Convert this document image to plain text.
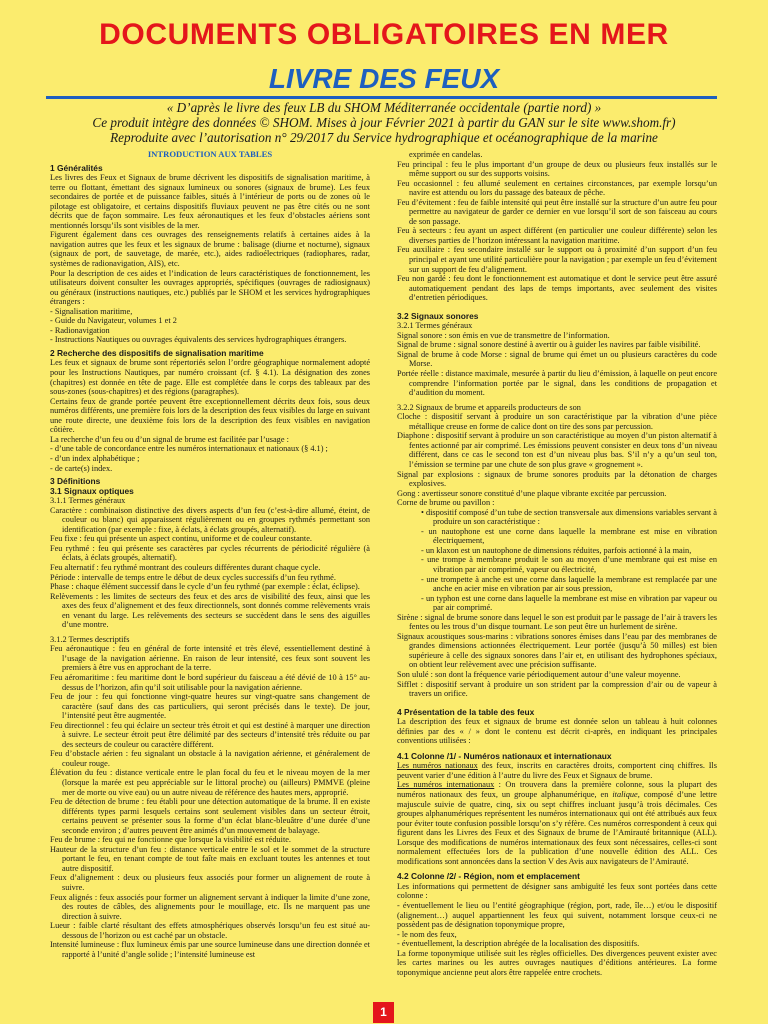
DOCUMENTS OBLIGATOIRES EN MER
LIVRE DES FEUX
« D’après le livre des feux LB du SHOM Méditerranée occidentale (partie nord) »
Ce produit intègre des données © SHOM. Mises à jour Février 2021 à partir du GAN sur le site www.shom.fr)
Reproduite avec l’autorisation n° 29/2017 du Service hydrographique et océanographique de la marine

INTRODUCTION AUX TABLES

1 Généralités

Les livres des Feux et Signaux de brume décrivent les dispositifs de signalisation maritime, à terre ou flottant, émettant des signaux lumineux ou sonores (signaux de brume). Les feux secondaires de portée et de puissance faibles, situés à l’intérieur de ports ou de zones où le pilotage est obligatoire, et certains dispositifs fluviaux peuvent ne pas être cités ou ne sont décrits que de façon sommaire. Les feux aéronautiques et les feux d’obstacles aériens sont mentionnés lorsqu’ils sont visibles de la mer.

Figurent également dans ces ouvrages des renseignements relatifs à certaines aides à la navigation autres que les feux et les signaux de brume : balisage (diurne et nocturne), signaux (signaux de port, de sauvetage, de marée, etc.), aides radioélectriques (radiophares, radar, systèmes de radionavigation, AIS), etc.

Pour la description de ces aides et l’indication de leurs caractéristiques de fonctionnement, les utilisateurs doivent consulter les ouvrages appropriés, spécifiques (ouvrages de radiosignaux) ou généraux (instructions nautiques, etc.) publiés par le SHOM et les services hydrographiques étrangers :

- Signalisation maritime,

- Guide du Navigateur, volumes 1 et 2

- Radionavigation

- Instructions Nautiques ou ouvrages équivalents des services hydrographiques étrangers.

2 Recherche des dispositifs de signalisation maritime

Les feux et signaux de brume sont répertoriés selon l’ordre géographique normalement adopté pour les Instructions Nautiques, par numéro croissant (cf. § 4.1). La désignation des zones (chapitres) est donnée en tête de page. Elle est complétée dans le corps des tableaux par des sous-zones (sous-chapitres) et des régions (paragraphes).

Certains feux de grande portée peuvent être exceptionnellement décrits deux fois, sous deux numéros différents, une première fois lors de la description des feux visibles du large en suivant une route directe, une deuxième fois lors de la description des feux visibles en navigation côtière.

La recherche d’un feu ou d’un signal de brume est facilitée par l’usage :

- d’une table de concordance entre les numéros internationaux et nationaux (§ 4.1) ;

- d’un index alphabétique ;

- de carte(s) index.

3 Définitions
3.1 Signaux optiques

3.1.1 Termes généraux

Caractère : combinaison distinctive des divers aspects d’un feu (c’est-à-dire allumé, éteint, de couleur ou blanc) qui apparaissent régulièrement ou en groupes rythmés permettant son identification (par exemple : fixe, à éclats, à éclats groupés, alternatif).

Feu fixe : feu qui présente un aspect continu, uniforme et de couleur constante.

Feu rythmé : feu qui présente ses caractères par cycles récurrents de périodicité régulière (à éclats, à éclats groupés, alternatif).

Feu alternatif : feu rythmé montrant des couleurs différentes durant chaque cycle.

Période : intervalle de temps entre le début de deux cycles successifs d’un feu rythmé.

Phase : chaque élément successif dans le cycle d’un feu rythmé (par exemple : éclat, éclipse).

Relèvements : les limites de secteurs des feux et des arcs de visibilité des feux, ainsi que les axes des feux d’alignement et des feux directionnels, sont donnés comme relèvements vrais en venant du large. Les relèvements des secteurs se succèdent dans le sens des aiguilles d’une montre.

3.1.2 Termes descriptifs

Feu aéronautique : feu en général de forte intensité et très élevé, essentiellement destiné à l’usage de la navigation aérienne. En raison de leur intensité, ces feux sont souvent les premiers à être vus en approchant de la terre.

Feu aéromaritime : feu maritime dont le bord supérieur du faisceau a été dévié de 10 à 15° au-dessus de l’horizon, afin qu’il soit utilisable pour la navigation aérienne.

Feu de jour : feu qui fonctionne vingt-quatre heures sur vingt-quatre sans changement de caractère (sauf dans des cas particuliers, qui seront précisés dans le texte). De jour, l’intensité peut être augmentée.

Feu directionnel : feu qui éclaire un secteur très étroit et qui est destiné à marquer une direction à suivre. Le secteur étroit peut être délimité par des secteurs d’intensité très réduite ou par des secteurs de couleur ou caractère différent.

Feu d’obstacle aérien : feu signalant un obstacle à la navigation aérienne, et généralement de couleur rouge.

Élévation du feu : distance verticale entre le plan focal du feu et le niveau moyen de la mer (lorsque la marée est peu appréciable sur le littoral proche) ou (ailleurs) PMMVE (pleine mer de morte ou vive eau) ou un autre niveau de référence des hautes mers, approprié.

Feu de détection de brume : feu établi pour une détection automatique de la brume. Il en existe différents types parmi lesquels certains sont seulement visibles dans un secteur étroit, certains peuvent se présenter sous la forme d’un éclat blanc-bleuâtre d’une durée d’une seconde environ ; d’autres peuvent être animés d’un mouvement de balayage.

Feu de brume : feu qui ne fonctionne que lorsque la visibilité est réduite.

Hauteur de la structure d’un feu : distance verticale entre le sol et le sommet de la structure portant le feu, en tenant compte de tout faîte mais en excluant toutes les antennes et tout autre dispositif.

Feux d’alignement : deux ou plusieurs feux associés pour former un alignement de route à suivre.

Feux alignés : feux associés pour former un alignement servant à indiquer la limite d’une zone, des routes de câbles, des alignements pour le mouillage, etc. Ils ne marquent pas une direction à suivre.

Lueur : faible clarté résultant des effets atmosphériques observés lorsqu’un feu est situé au-dessous de l’horizon ou est caché par un obstacle.

Intensité lumineuse : flux lumineux émis par une source lumineuse dans une direction donnée et rapporté à l’unité d’angle solide ; l’intensité lumineuse est

exprimée en candelas.

Feu principal : feu le plus important d’un groupe de deux ou plusieurs feux installés sur le même support ou sur des supports voisins.

Feu occasionnel : feu allumé seulement en certaines circonstances, par exemple lorsqu’un navire est attendu ou lors du passage des bateaux de pêche.

Feu d’évitement : feu de faible intensité qui peut être installé sur la structure d’un autre feu pour permettre au navigateur de garder ce dernier en vue lorsqu’il sort de son faisceau au cours de son passage.

Feu à secteurs : feu ayant un aspect différent (en particulier une couleur différente) selon les diverses parties de l’horizon intéressant la navigation maritime.

Feu auxiliaire : feu secondaire installé sur le support ou à proximité d’un support d’un feu principal et ayant une utilité particulière pour la navigation ; par exemple un feu d’évitement sur un support de feu d’alignement.

Feu non gardé : feu dont le fonctionnement est automatique et dont le service peut être assuré automatiquement pendant des laps de temps importants, avec seulement des visites d’entretien périodiques.

3.2 Signaux sonores

3.2.1 Termes généraux

Signal sonore : son émis en vue de transmettre de l’information.

Signal de brume : signal sonore destiné à avertir ou à guider les navires par faible visibilité.

Signal de brume à code Morse : signal de brume qui émet un ou plusieurs caractères du code Morse.

Portée réelle : distance maximale, mesurée à partir du lieu d’émission, à laquelle on peut encore comprendre l’information portée par le signal, dans les conditions de propagation et d’audition du moment.

3.2.2 Signaux de brume et appareils producteurs de son

Cloche : dispositif servant à produire un son caractéristique par la vibration d’une pièce métallique creuse en forme de calice dont on tire des sons par percussion.

Diaphone : dispositif servant à produire un son caractéristique au moyen d’un piston alternatif à fentes actionné par air comprimé. Les émissions peuvent consister en deux tons d’un niveau différent, dans ce cas le second ton est d’un niveau plus bas. S’il n’y a qu’un seul ton, l’émission se termine par une chute de son plus grave « grognement ».

Signal par explosions : signaux de brume sonores produits par la détonation de charges explosives.

Gong : avertisseur sonore constitué d’une plaque vibrante excitée par percussion.

Corne de brume ou pavillon :

• dispositif composé d’un tube de section transversale aux dimensions variables servant à produire un son caractéristique :

- un nautophone est une corne dans laquelle la membrane est mise en vibration électriquement,

- un klaxon est un nautophone de dimensions réduites, parfois actionné à la main,

- une trompe à membrane produit le son au moyen d’une membrane qui est mise en vibration par air comprimé, vapeur ou électricité,

- une trompette à anche est une corne dans laquelle la membrane est remplacée par une anche en acier mise en vibration par air sous pression,

- un typhon est une corne dans laquelle la membrane est mise en vibration par vapeur ou par air comprimé.

Sirène : signal de brume sonore dans lequel le son est produit par le passage de l’air à travers les fentes ou les trous d’un disque tournant. Le son peut être un hurlement de sirène.

Signaux acoustiques sous-marins : vibrations sonores émises dans l’eau par des membranes de grandes dimensions actionnées électriquement. Leur portée (jusqu’à 50 milles) est bien supérieure à celle des signaux sonores dans l’air et, en utilisant des hydrophones spéciaux, on obtient leur relèvement avec une précision suffisante.

Son ululé : son dont la fréquence varie périodiquement autour d’une valeur moyenne.

Sifflet : dispositif servant à produire un son strident par la compression d’air ou de vapeur à travers un orifice.

4 Présentation de la table des feux

La description des feux et signaux de brume est donnée selon un tableau à huit colonnes définies par des « / » dont le contenu est décrit ci-après, en indiquant les principales conventions utilisées :

4.1 Colonne /1/ - Numéros nationaux et internationaux

Les numéros nationaux des feux, inscrits en caractères droits, comportent cinq chiffres. Ils peuvent varier d’une édition à l’autre du livre des Feux et Signaux de brume.

Les numéros internationaux : On trouvera dans la première colonne, sous la plupart des numéros nationaux des feux, un groupe alphanumérique, en italique, composé d’une lettre majuscule suivie de quatre, cinq, six ou sept chiffres incluant jusqu’à trois décimales. Ces groupes alphanumériques représentent les numéros internationaux qui ont été attribués aux feux pour éviter toute confusion possible lorsqu’on s’y réfère. Ces numéros correspondent à ceux qui figurent dans les Livres des Feux et des Signaux de brume de l’Amirauté britannique (ALL). Lorsque des modifications de numéros internationaux des feux sont nécessaires, celles-ci sont normalement effectuées lors de la publication d’une nouvelle édition des ALL. Ces modifications sont annoncées dans la section V des Avis aux navigateurs de l’Amirauté.

4.2 Colonne /2/ - Région, nom et emplacement

Les informations qui permettent de désigner sans ambiguïté les feux sont portées dans cette colonne :

- éventuellement le lieu ou l’entité géographique (région, port, rade, île…) et/ou le dispositif (alignement…) auquel appartiennent les feux qui suivent, notamment lorsque ceux-ci ne possèdent pas de désignation toponymique propre,

- le nom des feux,

- éventuellement, la description abrégée de la localisation des dispositifs.

La forme toponymique utilisée suit les règles officielles. Des divergences peuvent exister avec les cartes marines ou les autres ouvrages nautiques d’éditions antérieures. La forme toponymique ancienne peut alors être rappelée entre crochets.

1
